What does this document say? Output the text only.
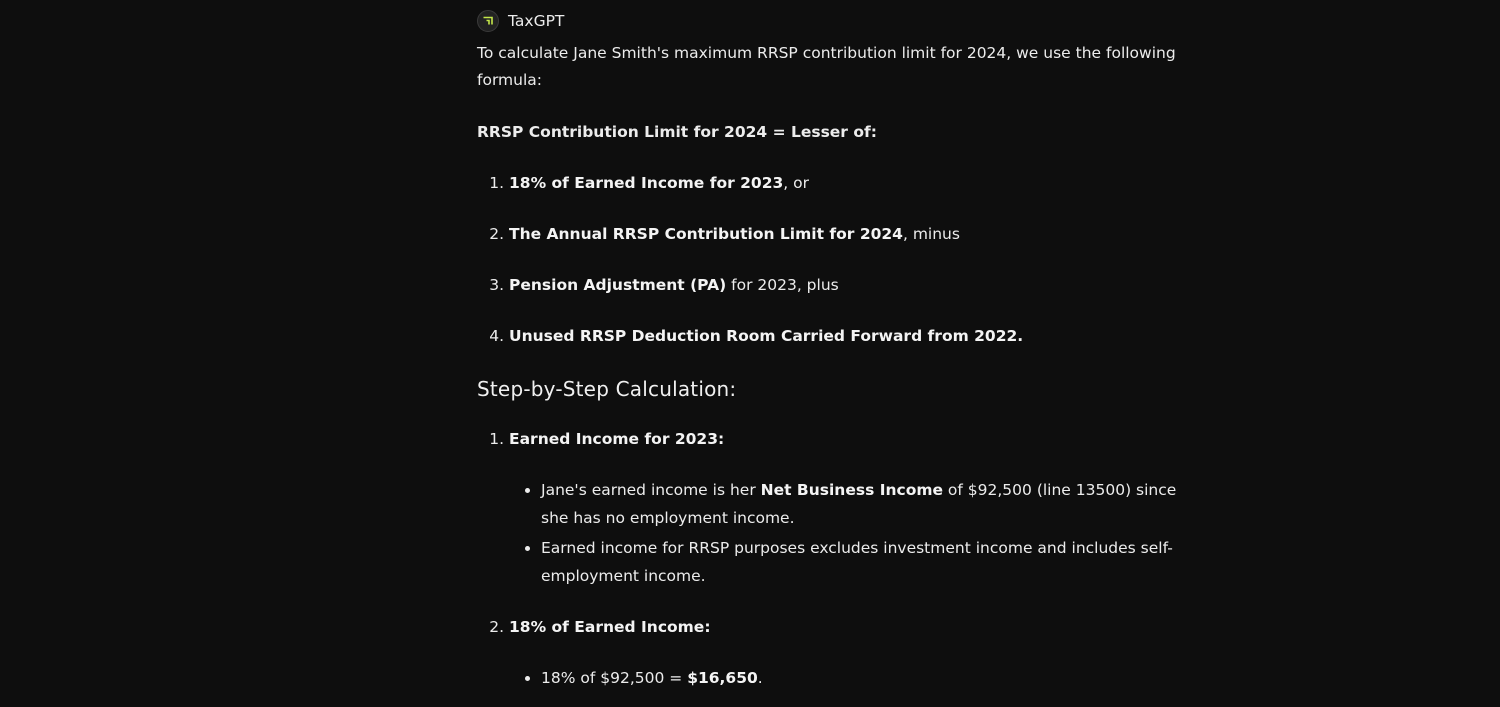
TaxGPT

To calculate Jane Smith's maximum RRSP contribution limit for 2024, we use the following formula:

RRSP Contribution Limit for 2024 = Lesser of:

1. 18% of Earned Income for 2023, or
2. The Annual RRSP Contribution Limit for 2024, minus
3. Pension Adjustment (PA) for 2023, plus
4. Unused RRSP Deduction Room Carried Forward from 2022.
Step-by-Step Calculation:
1. Earned Income for 2023:
• Jane's earned income is her Net Business Income of $92,500 (line 13500) since she has no employment income.
• Earned income for RRSP purposes excludes investment income and includes self-employment income.
2. 18% of Earned Income:
• 18% of $92,500 = $16,650.
